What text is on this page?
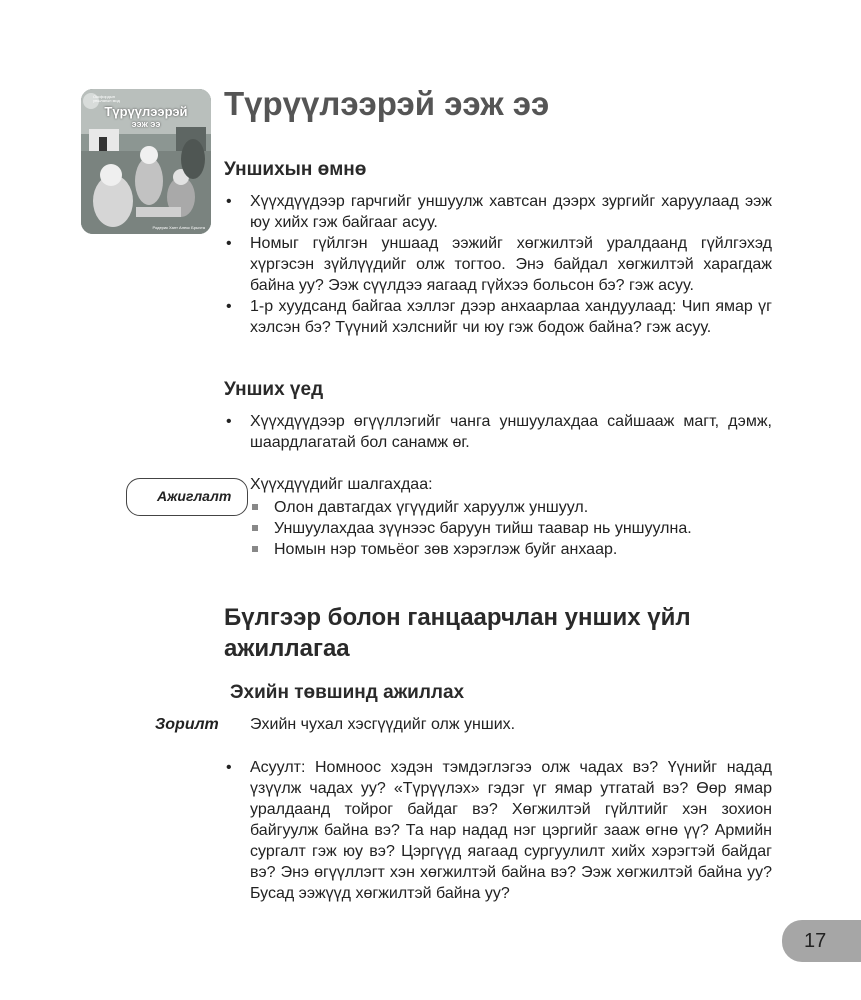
Оксфордын уншлагын мод
Түрүүлээрэй
ээж ээ
Родерик Хант Алекс Брычта
Түрүүлээрэй ээж ээ
Уншихын өмнө
• Хүүхдүүдээр гарчгийг уншуулж хавтсан дээрх зургийг харуулаад ээж юу хийх гэж байгааг асуу.
• Номыг гүйлгэн уншаад ээжийг хөгжилтэй уралдаанд гүйлгэхэд хүргэсэн зүйлүүдийг олж тогтоо. Энэ байдал хөгжилтэй харагдаж байна уу? Ээж сүүлдээ яагаад гүйхээ больсон бэ? гэж асуу.
• 1-р хуудсанд байгаа хэллэг дээр анхаарлаа хандуулаад: Чип ямар үг хэлсэн бэ? Түүний хэлснийг чи юу гэж бодож байна? гэж асуу.
Унших үед
• Хүүхдүүдээр өгүүллэгийг чанга уншуулахдаа сайшааж магт, дэмж, шаардлагатай бол санамж өг.
Ажиглалт

Хүүхдүүдийг шалгахдаа:

Олон давтагдах үгүүдийг харуулж уншуул.
Уншуулахдаа зүүнээс баруун тийш таавар нь уншуулна.
Номын нэр томьёог зөв хэрэглэж буйг анхаар.
Бүлгээр болон ганцаарчлан унших үйл
ажиллагаа
Эхийн төвшинд ажиллах
Зорилт Эхийн чухал хэсгүүдийг олж унших.

• Асуулт: Номноос хэдэн тэмдэглэгээ олж чадах вэ? Үүнийг надад үзүүлж чадах уу? «Түрүүлэх» гэдэг үг ямар утгатай вэ? Өөр ямар уралдаанд тойрог байдаг вэ? Хөгжилтэй гүйлтийг хэн зохион байгуулж байна вэ? Та нар надад нэг цэргийг зааж өгнө үү? Армийн сургалт гэж юу вэ? Цэргүүд яагаад сургуулилт хийх хэрэгтэй байдаг вэ? Энэ өгүүллэгт хэн хөгжилтэй байна вэ? Ээж хөгжилтэй байна уу? Бусад ээжүүд хөгжилтэй байна уу?
17
